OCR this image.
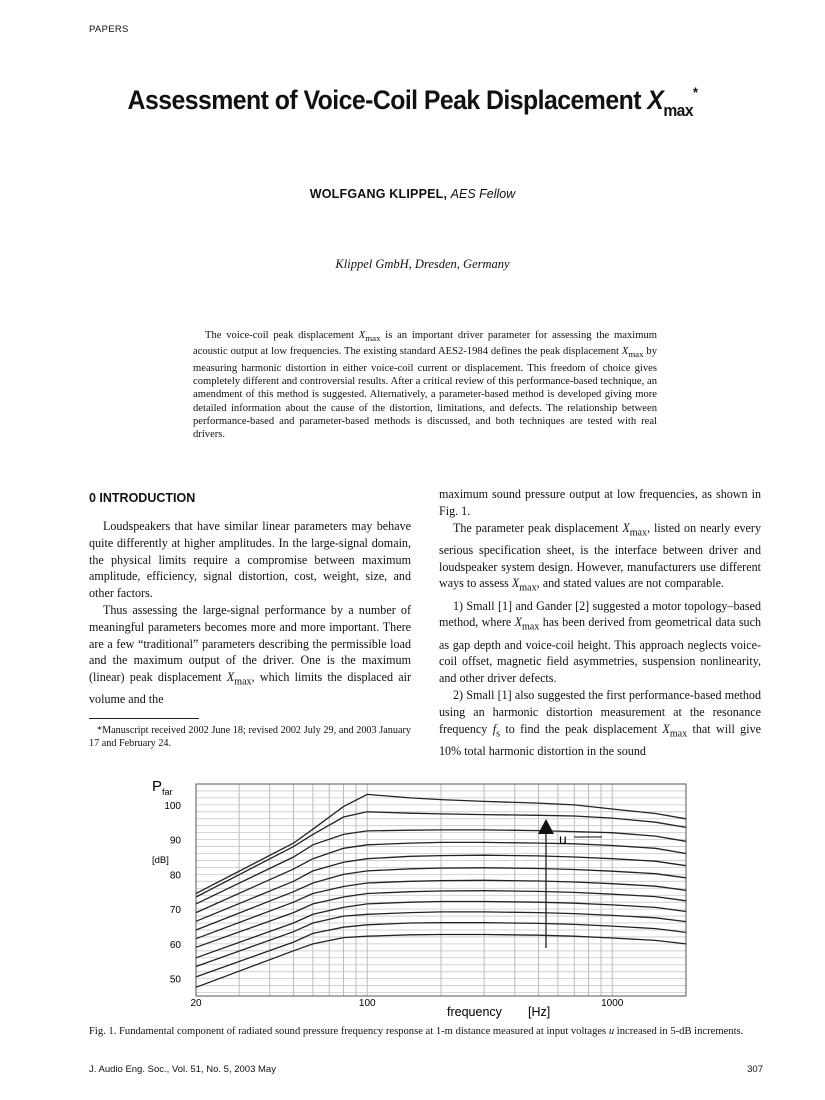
PAPERS
Assessment of Voice-Coil Peak Displacement $X_{max}^*$
WOLFGANG KLIPPEL, AES Fellow
Klippel GmbH, Dresden, Germany

The voice-coil peak displacement $X_{max}$ is an important driver parameter for assessing the maximum acoustic output at low frequencies. The existing standard AES2-1984 defines the peak displacement $X_{max}$ by measuring harmonic distortion in either voice-coil current or displacement. This freedom of choice gives completely different and controversial results. After a critical review of this performance-based technique, an amendment of this method is suggested. Alternatively, a parameter-based method is developed giving more detailed information about the cause of the distortion, limitations, and defects. The relationship between performance-based and parameter-based methods is discussed, and both techniques are tested with real drivers.

0 INTRODUCTION

Loudspeakers that have similar linear parameters may behave quite differently at higher amplitudes. In the large-signal domain, the physical limits require a compromise between maximum amplitude, efficiency, signal distortion, cost, weight, size, and other factors.

Thus assessing the large-signal performance by a number of meaningful parameters becomes more and more important. There are a few “traditional” parameters describing the permissible load and the maximum output of the driver. One is the maximum (linear) peak displacement $X_{max}$, which limits the displaced air volume and the

*Manuscript received 2002 June 18; revised 2002 July 29, and 2003 January 17 and February 24.

maximum sound pressure output at low frequencies, as shown in Fig. 1.

The parameter peak displacement $X_{max}$, listed on nearly every serious specification sheet, is the interface between driver and loudspeaker system design. However, manufacturers use different ways to assess $X_{max}$, and stated values are not comparable.

1) Small [1] and Gander [2] suggested a motor topology–based method, where $X_{max}$ has been derived from geometrical data such as gap depth and voice-coil height. This approach neglects voice-coil offset, magnetic field asymmetries, suspension nonlinearity, and other driver defects.

2) Small [1] also suggested the first performance-based method using an harmonic distortion measurement at the resonance frequency $f_s$ to find the peak displacement $X_{max}$ that will give 10% total harmonic distortion in the sound

50
60
70
80
90
100
20	100	1000
$P_{far}$
[dB]
frequency [Hz]
u
Fig. 1. Fundamental component of radiated sound pressure frequency response at 1-m distance measured at input voltages u increased in 5-dB increments.
J. Audio Eng. Soc., Vol. 51, No. 5, 2003 May	307
